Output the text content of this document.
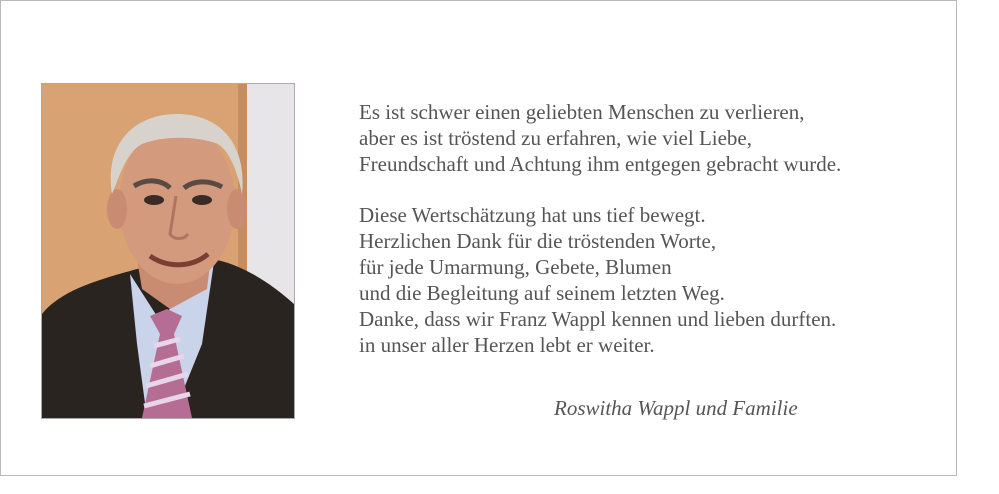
Es ist schwer einen geliebten Menschen zu verlieren,
aber es ist tröstend zu erfahren, wie viel Liebe,
Freundschaft und Achtung ihm entgegen gebracht wurde.

Diese Wertschätzung hat uns tief bewegt.
Herzlichen Dank für die tröstenden Worte,
für jede Umarmung, Gebete, Blumen
und die Begleitung auf seinem letzten Weg.
Danke, dass wir Franz Wappl kennen und lieben durften.
in unser aller Herzen lebt er weiter.

Roswitha Wappl und Familie
